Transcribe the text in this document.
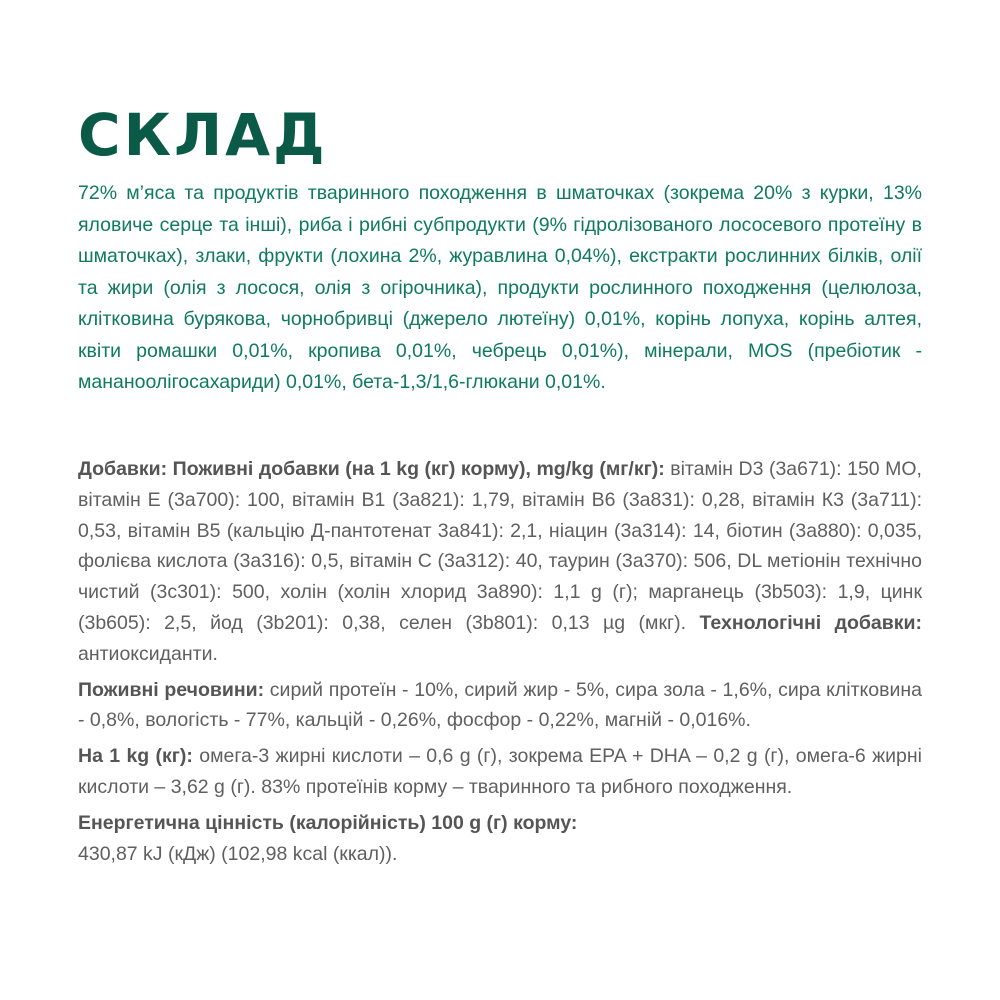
СКЛАД

72% м’яса та продуктів тваринного походження в шматочках (зокрема 20% з курки, 13% яловиче серце та інші), риба і рибні субпродукти (9% гідролізованого лососевого протеїну в шматочках), злаки, фрукти (лохина 2%, журавлина 0,04%), екстракти рослинних білків, олії та жири (олія з лосося, олія з огірочника), продукти рослинного походження (целюлоза, клітковина бурякова, чорнобривці (джерело лютеїну) 0,01%, корінь лопуха, корінь алтея, квіти ромашки 0,01%, кропива 0,01%, чебрець 0,01%), мінерали, MOS (пребіотик - мананоолігосахариди) 0,01%, бета-1,3/1,6-глюкани 0,01%.

Добавки: Поживні добавки (на 1 kg (кг) корму), mg/kg (мг/кг): вітамін D3 (3a671): 150 МО, вітамін Е (3а700): 100, вітамін В1 (3а821): 1,79, вітамін В6 (3а831): 0,28, вітамін К3 (3а711): 0,53, вітамін В5 (кальцію Д-пантотенат 3а841): 2,1, ніацин (3а314): 14, біотин (3а880): 0,035, фолієва кислота (3а316): 0,5, вітамін С (3а312): 40, таурин (3а370): 506, DL метіонін технічно чистий (3с301): 500, холін (холін хлорид 3а890): 1,1 g (г); марганець (3b503): 1,9, цинк (3b605): 2,5, йод (3b201): 0,38, селен (3b801): 0,13 µg (мкг). Технологічні добавки: антиоксиданти.

Поживні речовини: сирий протеїн - 10%, сирий жир - 5%, сира зола - 1,6%, сира клітковина - 0,8%, вологість - 77%, кальцій - 0,26%, фосфор - 0,22%, магній - 0,016%.

На 1 kg (кг): омега-3 жирні кислоти – 0,6 g (г), зокрема EPA + DHA – 0,2 g (г), омега-6 жирні кислоти – 3,62 g (г). 83% протеїнів корму – тваринного та рибного походження.

Енергетична цінність (калорійність) 100 g (г) корму:
430,87 kJ (кДж) (102,98 kcal (ккал)).
